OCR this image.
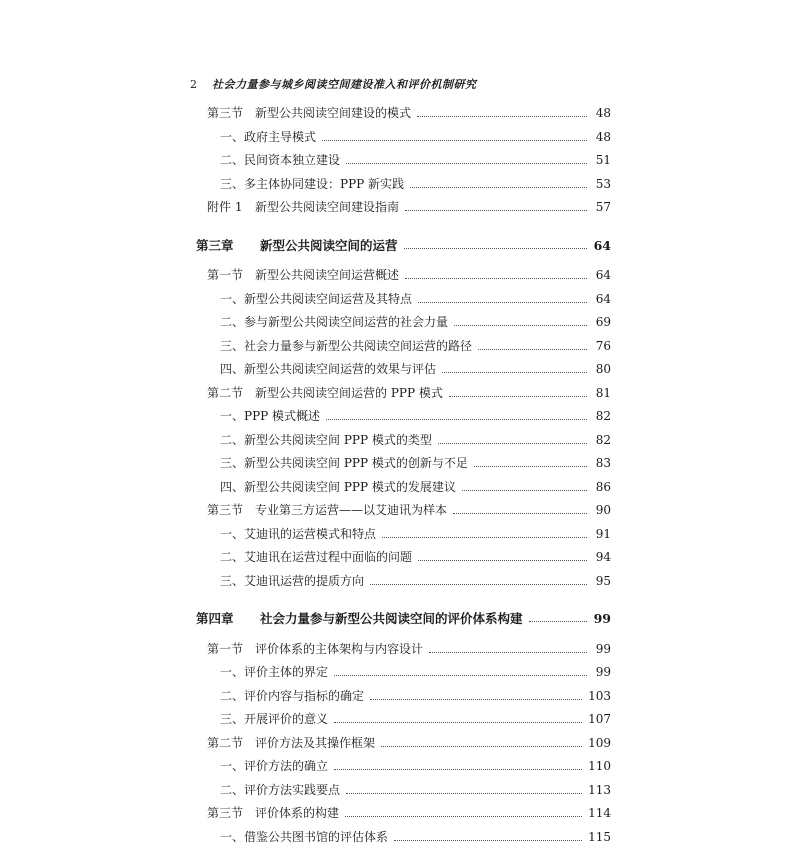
2 社会力量参与城乡阅读空间建设准入和评价机制研究
第三节 新型公共阅读空间建设的模式	48
一、政府主导模式	48
二、民间资本独立建设	51
三、多主体协同建设：PPP 新实践	53
附件 1 新型公共阅读空间建设指南	57
第三章 新型公共阅读空间的运营	64
第一节 新型公共阅读空间运营概述	64
一、新型公共阅读空间运营及其特点	64
二、参与新型公共阅读空间运营的社会力量	69
三、社会力量参与新型公共阅读空间运营的路径	76
四、新型公共阅读空间运营的效果与评估	80
第二节 新型公共阅读空间运营的 PPP 模式	81
一、PPP 模式概述	82
二、新型公共阅读空间 PPP 模式的类型	82
三、新型公共阅读空间 PPP 模式的创新与不足	83
四、新型公共阅读空间 PPP 模式的发展建议	86
第三节 专业第三方运营——以艾迪讯为样本	90
一、艾迪讯的运营模式和特点	91
二、艾迪讯在运营过程中面临的问题	94
三、艾迪讯运营的提质方向	95
第四章 社会力量参与新型公共阅读空间的评价体系构建	99
第一节 评价体系的主体架构与内容设计	99
一、评价主体的界定	99
二、评价内容与指标的确定	103
三、开展评价的意义	107
第二节 评价方法及其操作框架	109
一、评价方法的确立	110
二、评价方法实践要点	113
第三节 评价体系的构建	114
一、借鉴公共图书馆的评估体系	115
